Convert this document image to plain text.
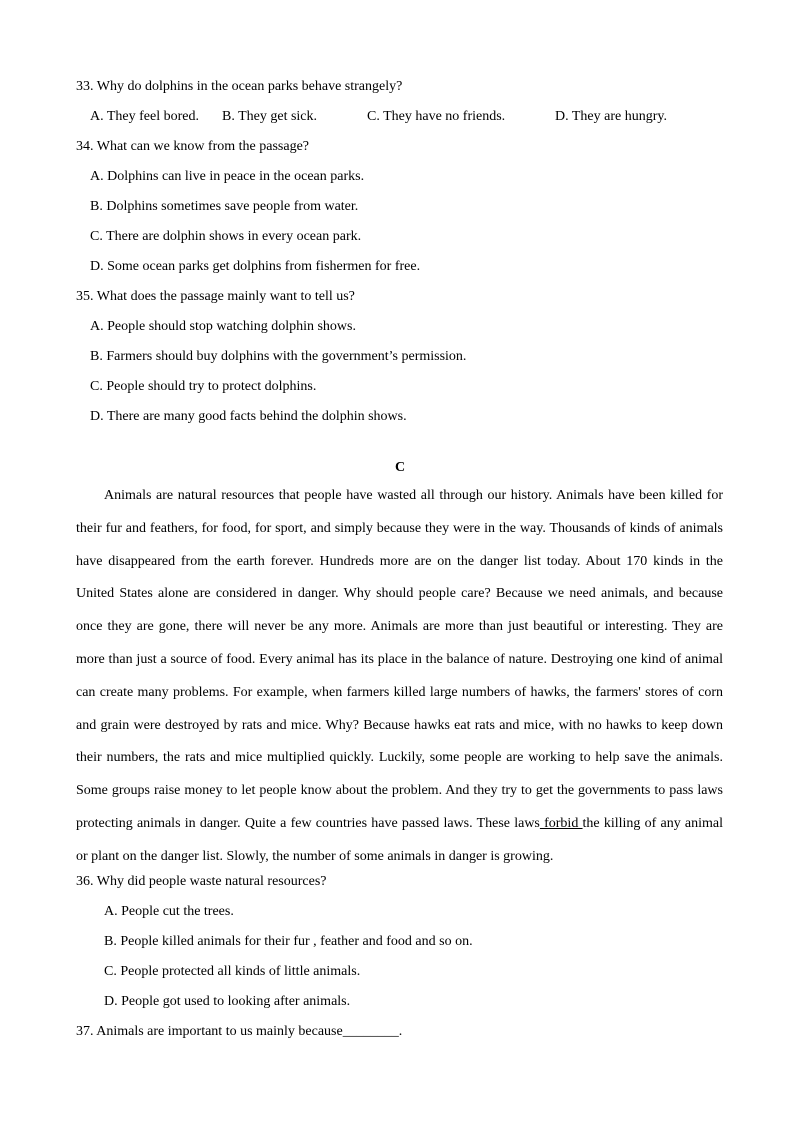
33. Why do dolphins in the ocean parks behave strangely?
A. They feel bored. B. They get sick.	C. They have no friends.	D. They are hungry.
34. What can we know from the passage?
A. Dolphins can live in peace in the ocean parks.
B. Dolphins sometimes save people from water.
C. There are dolphin shows in every ocean park.
D. Some ocean parks get dolphins from fishermen for free.
35. What does the passage mainly want to tell us?
A. People should stop watching dolphin shows.
B. Farmers should buy dolphins with the government’s permission.
C. People should try to protect dolphins.
D. There are many good facts behind the dolphin shows.
C

Animals are natural resources that people have wasted all through our history. Animals have been killed for their fur and feathers, for food, for sport, and simply because they were in the way. Thousands of kinds of animals have disappeared from the earth forever. Hundreds more are on the danger list today. About 170 kinds in the United States alone are considered in danger. Why should people care? Because we need animals, and because once they are gone, there will never be any more. Animals are more than just beautiful or interesting. They are more than just a source of food. Every animal has its place in the balance of nature. Destroying one kind of animal can create many problems. For example, when farmers killed large numbers of hawks, the farmers' stores of corn and grain were destroyed by rats and mice. Why? Because hawks eat rats and mice, with no hawks to keep down their numbers, the rats and mice multiplied quickly. Luckily, some people are working to help save the animals. Some groups raise money to let people know about the problem. And they try to get the governments to pass laws protecting animals in danger. Quite a few countries have passed laws. These laws forbid the killing of any animal or plant on the danger list. Slowly, the number of some animals in danger is growing.

36. Why did people waste natural resources?
A. People cut the trees.
B. People killed animals for their fur , feather and food and so on.
C. People protected all kinds of little animals.
D. People got used to looking after animals.
37. Animals are important to us mainly because________.
